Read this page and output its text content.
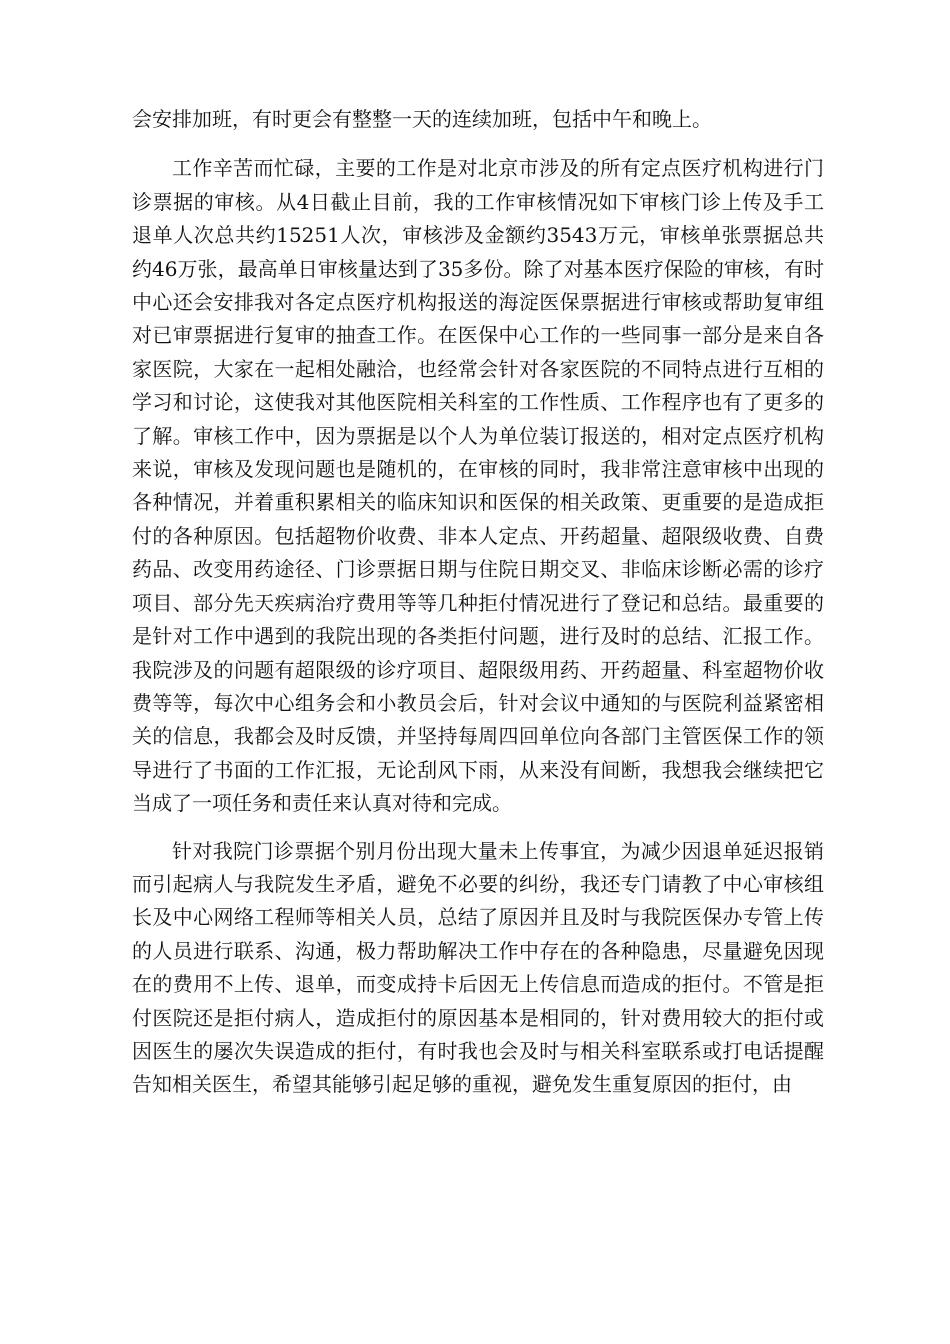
会安排加班，有时更会有整整一天的连续加班，包括中午和晚上。

工作辛苦而忙碌，主要的工作是对北京市涉及的所有定点医疗机构进行门诊票据的审核。从4日截止目前，我的工作审核情况如下审核门诊上传及手工退单人次总共约15251人次，审核涉及金额约3543万元，审核单张票据总共约46万张，最高单日审核量达到了35多份。除了对基本医疗保险的审核，有时中心还会安排我对各定点医疗机构报送的海淀医保票据进行审核或帮助复审组对已审票据进行复审的抽查工作。在医保中心工作的一些同事一部分是来自各家医院，大家在一起相处融洽，也经常会针对各家医院的不同特点进行互相的学习和讨论，这使我对其他医院相关科室的工作性质、工作程序也有了更多的了解。审核工作中，因为票据是以个人为单位装订报送的，相对定点医疗机构来说，审核及发现问题也是随机的，在审核的同时，我非常注意审核中出现的各种情况，并着重积累相关的临床知识和医保的相关政策、更重要的是造成拒付的各种原因。包括超物价收费、非本人定点、开药超量、超限级收费、自费药品、改变用药途径、门诊票据日期与住院日期交叉、非临床诊断必需的诊疗项目、部分先天疾病治疗费用等等几种拒付情况进行了登记和总结。最重要的是针对工作中遇到的我院出现的各类拒付问题，进行及时的总结、汇报工作。我院涉及的问题有超限级的诊疗项目、超限级用药、开药超量、科室超物价收费等等，每次中心组务会和小教员会后，针对会议中通知的与医院利益紧密相关的信息，我都会及时反馈，并坚持每周四回单位向各部门主管医保工作的领导进行了书面的工作汇报，无论刮风下雨，从来没有间断，我想我会继续把它当成了一项任务和责任来认真对待和完成。

针对我院门诊票据个别月份出现大量未上传事宜，为减少因退单延迟报销而引起病人与我院发生矛盾，避免不必要的纠纷，我还专门请教了中心审核组长及中心网络工程师等相关人员，总结了原因并且及时与我院医保办专管上传的人员进行联系、沟通，极力帮助解决工作中存在的各种隐患，尽量避免因现在的费用不上传、退单，而变成持卡后因无上传信息而造成的拒付。不管是拒付医院还是拒付病人，造成拒付的原因基本是相同的，针对费用较大的拒付或因医生的屡次失误造成的拒付，有时我也会及时与相关科室联系或打电话提醒告知相关医生，希望其能够引起足够的重视，避免发生重复原因的拒付，由
